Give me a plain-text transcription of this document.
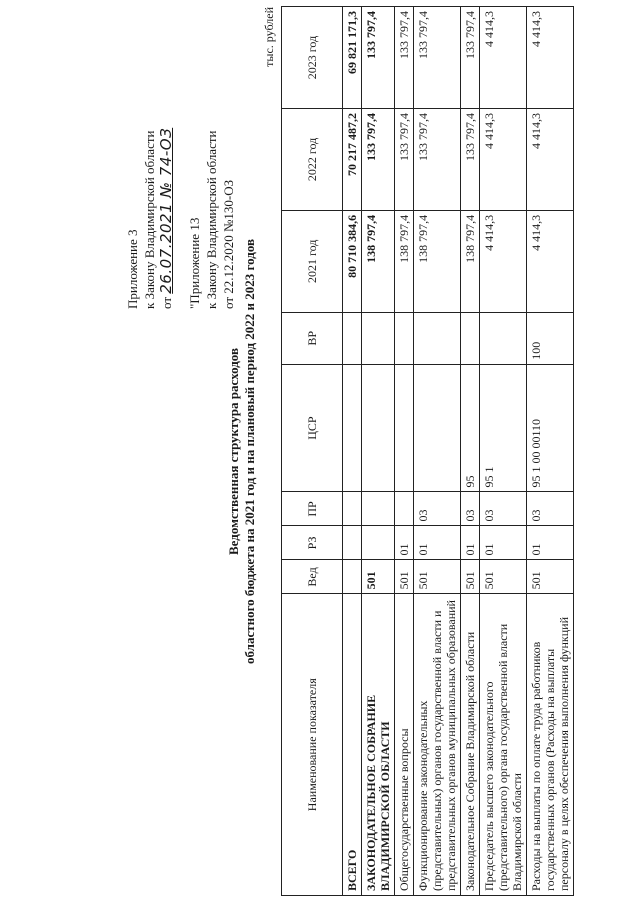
Приложение 3 к Закону Владимирской области от 26.07.2021 № 74-ОЗ "Приложение 13 к Закону Владимирской области от 22.12.2020 №130-ОЗ
Ведомственная структура расходов областного бюджета на 2021 год и на плановый период 2022 и 2023 годов
тыс. рублей
Наименование показателя	Вед	РЗ	ПР	ЦСР	ВР	2021 год	2022 год	2023 год
ВСЕГО						80 710 384,6	70 217 487,2	69 821 171,3
ЗАКОНОДАТЕЛЬНОЕ СОБРАНИЕ ВЛАДИМИРСКОЙ ОБЛАСТИ	501					138 797,4	133 797,4	133 797,4
Общегосударственные вопросы	501	01				138 797,4	133 797,4	133 797,4
Функционирование законодательных (представительных) органов государственной власти и представительных органов муниципальных образований	501	01	03			138 797,4	133 797,4	133 797,4
Законодательное Собрание Владимирской области	501	01	03	95		138 797,4	133 797,4	133 797,4
Председатель высшего законодательного (представительного) органа государственной власти Владимирской области	501	01	03	95 1		4 414,3	4 414,3	4 414,3
Расходы на выплаты по оплате труда работников государственных органов (Расходы на выплаты персоналу в целях обеспечения выполнения функций	501	01	03	95 1 00 00110	100	4 414,3	4 414,3	4 414,3
